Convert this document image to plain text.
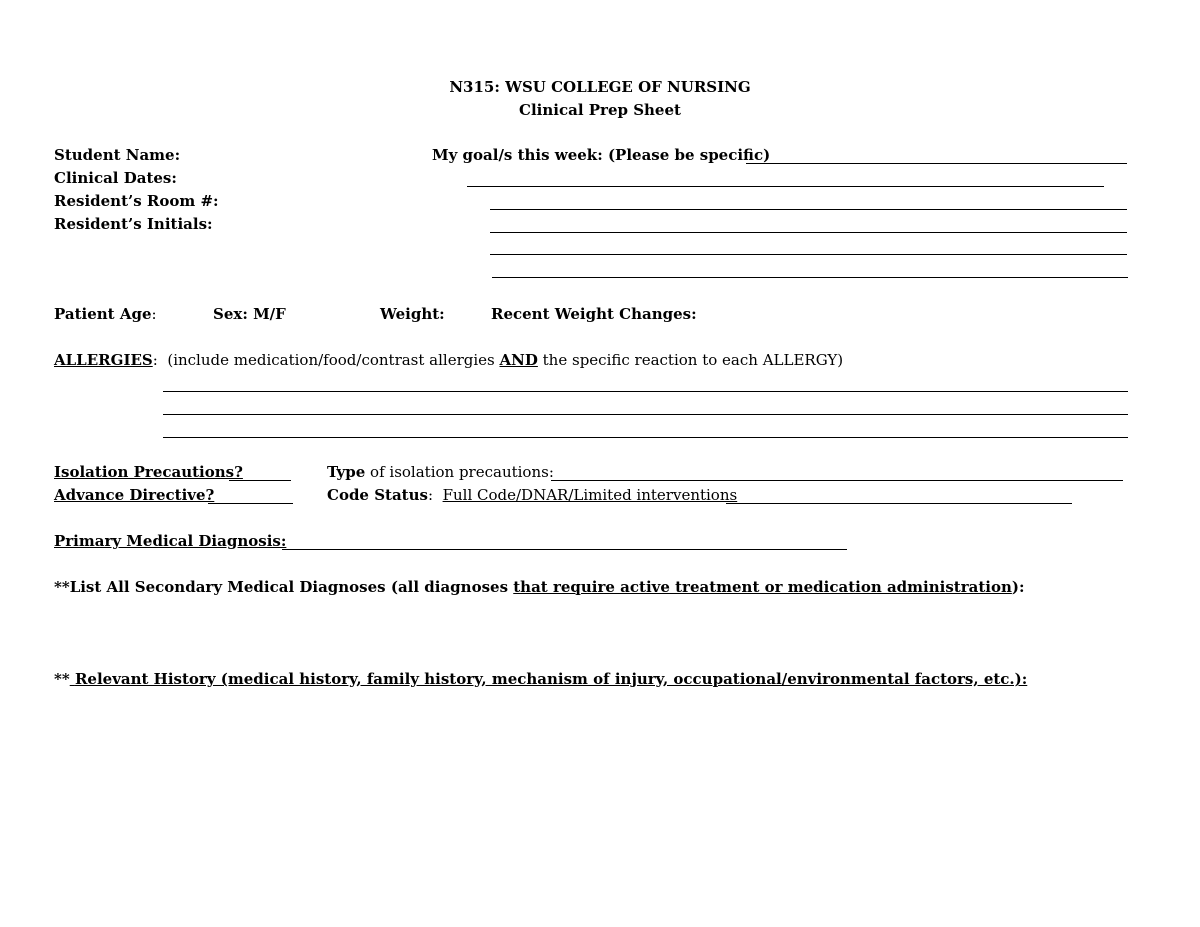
N315: WSU COLLEGE OF NURSING
Clinical Prep Sheet
Student Name:
Clinical Dates:
Resident’s Room #:
Resident’s Initials:
My goal/s this week: (Please be specific)
Patient Age:	Sex: M/F	Weight:	Recent Weight Changes:
ALLERGIES: (include medication/food/contrast allergies AND the specific reaction to each ALLERGY)
Isolation Precautions?	Type of isolation precautions:
Advance Directive?	Code Status: Full Code/DNAR/Limited interventions
Primary Medical Diagnosis:
**List All Secondary Medical Diagnoses (all diagnoses that require active treatment or medication administration):
** Relevant History (medical history, family history, mechanism of injury, occupational/environmental factors, etc.):
